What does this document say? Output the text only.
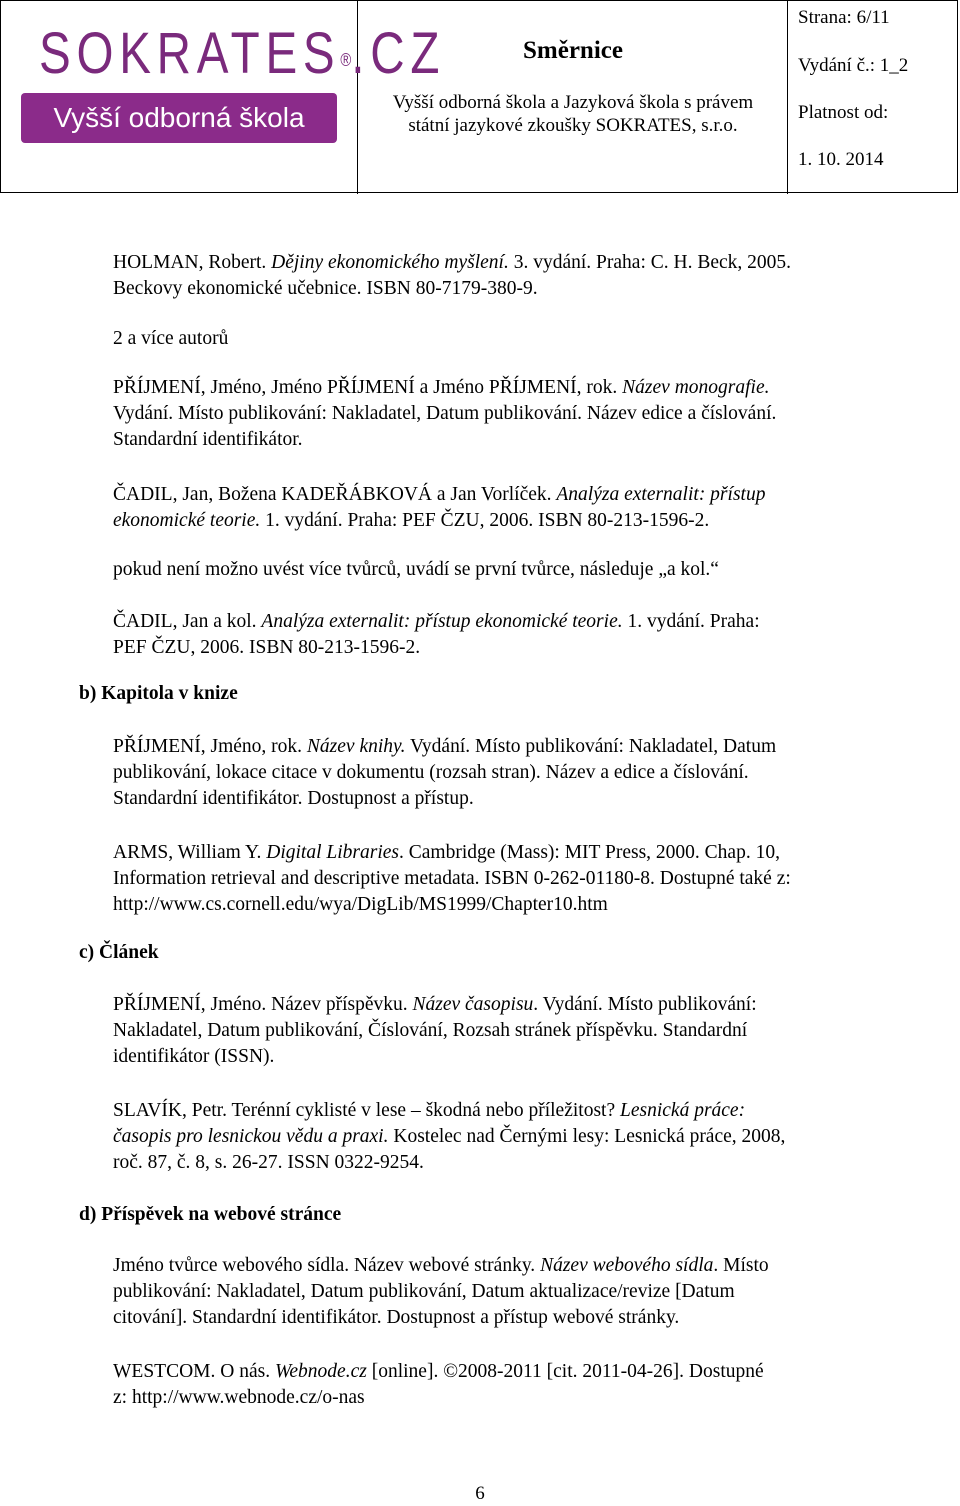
SOKRATES®.CZ
Vyšší odborná škola
Směrnice
Vyšší odborná škola a Jazyková škola s právem
státní jazykové zkoušky SOKRATES, s.r.o.
Strana: 6/11
Vydání č.: 1_2
Platnost od:
1. 10. 2014
HOLMAN, Robert. Dějiny ekonomického myšlení. 3. vydání. Praha: C. H. Beck, 2005.
Beckovy ekonomické učebnice. ISBN 80-7179-380-9.
2 a více autorů
PŘÍJMENÍ, Jméno, Jméno PŘÍJMENÍ a Jméno PŘÍJMENÍ, rok. Název monografie.
Vydání. Místo publikování: Nakladatel, Datum publikování. Název edice a číslování.
Standardní identifikátor.
ČADIL, Jan, Božena KADEŘÁBKOVÁ a Jan Vorlíček. Analýza externalit: přístup
ekonomické teorie. 1. vydání. Praha: PEF ČZU, 2006. ISBN 80-213-1596-2.
pokud není možno uvést více tvůrců, uvádí se první tvůrce, následuje „a kol.“
ČADIL, Jan a kol. Analýza externalit: přístup ekonomické teorie. 1. vydání. Praha:
PEF ČZU, 2006. ISBN 80-213-1596-2.
b) Kapitola v knize
PŘÍJMENÍ, Jméno, rok. Název knihy. Vydání. Místo publikování: Nakladatel, Datum
publikování, lokace citace v dokumentu (rozsah stran). Název a edice a číslování.
Standardní identifikátor. Dostupnost a přístup.
ARMS, William Y. Digital Libraries. Cambridge (Mass): MIT Press, 2000. Chap. 10,
Information retrieval and descriptive metadata. ISBN 0-262-01180-8. Dostupné také z:
http://www.cs.cornell.edu/wya/DigLib/MS1999/Chapter10.htm
c) Článek
PŘÍJMENÍ, Jméno. Název příspěvku. Název časopisu. Vydání. Místo publikování:
Nakladatel, Datum publikování, Číslování, Rozsah stránek příspěvku. Standardní
identifikátor (ISSN).
SLAVÍK, Petr. Terénní cyklisté v lese – škodná nebo příležitost? Lesnická práce:
časopis pro lesnickou vědu a praxi. Kostelec nad Černými lesy: Lesnická práce, 2008,
roč. 87, č. 8, s. 26-27. ISSN 0322-9254.
d) Příspěvek na webové stránce
Jméno tvůrce webového sídla. Název webové stránky. Název webového sídla. Místo
publikování: Nakladatel, Datum publikování, Datum aktualizace/revize [Datum
citování]. Standardní identifikátor. Dostupnost a přístup webové stránky.
WESTCOM. O nás. Webnode.cz [online]. ©2008-2011 [cit. 2011-04-26]. Dostupné
z: http://www.webnode.cz/o-nas
6
